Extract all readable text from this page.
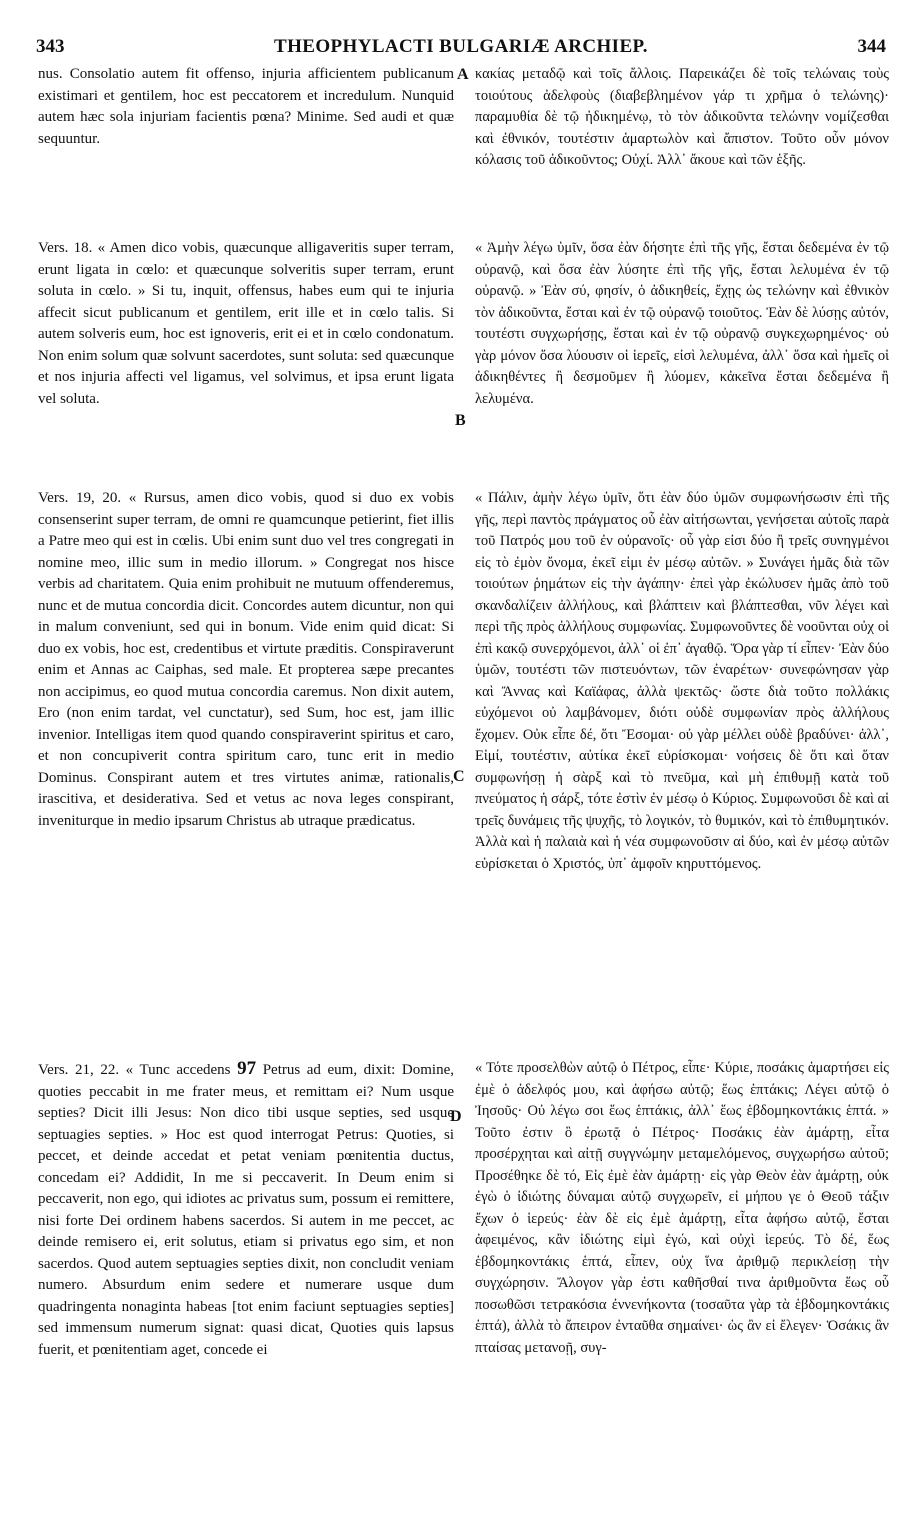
343	THEOPHYLACTI BULGARIÆ ARCHIEP.	344

nus. Consolatio autem fit offenso, injuria afficientem publicanum existimari et gentilem, hoc est peccatorem et incredulum. Nunquid autem hæc sola injuriam facientis pœna? Minime. Sed audi et quæ sequuntur.

Vers. 18. « Amen dico vobis, quæcunque alligaveritis super terram, erunt ligata in cœlo: et quæcunque solveritis super terram, erunt soluta in cœlo. » Si tu, inquit, offensus, habes eum qui te injuria affecit sicut publicanum et gentilem, erit ille et in cœlo talis. Si autem solveris eum, hoc est ignoveris, erit ei et in cœlo condonatum. Non enim solum quæ solvunt sacerdotes, sunt soluta: sed quæcunque et nos injuria affecti vel ligamus, vel solvimus, et ipsa erunt ligata vel soluta.

Vers. 19, 20. « Rursus, amen dico vobis, quod si duo ex vobis consenserint super terram, de omni re quamcunque petierint, fiet illis a Patre meo qui est in cœlis. Ubi enim sunt duo vel tres congregati in nomine meo, illic sum in medio illorum. » Congregat nos hisce verbis ad charitatem. Quia enim prohibuit ne mutuum offenderemus, nunc et de mutua concordia dicit. Concordes autem dicuntur, non qui in malum conveniunt, sed qui in bonum. Vide enim quid dicat: Si duo ex vobis, hoc est, credentibus et virtute præditis. Conspiraverunt enim et Annas ac Caiphas, sed male. Et propterea sæpe precantes non accipimus, eo quod mutua concordia caremus. Non dixit autem, Ero (non enim tardat, vel cunctatur), sed Sum, hoc est, jam illic invenior. Intelligas item quod quando conspiraverint spiritus et caro, et non concupiverit contra spiritum caro, tunc erit in medio Dominus. Conspirant autem et tres virtutes animæ, rationalis, irascitiva, et desiderativa. Sed et vetus ac nova leges conspirant, inveniturque in medio ipsarum Christus ab utraque prædicatus.

Vers. 21, 22. « Tunc accedens 97 Petrus ad eum, dixit: Domine, quoties peccabit in me frater meus, et remittam ei? Num usque septies? Dicit illi Jesus: Non dico tibi usque septies, sed usque septuagies septies. » Hoc est quod interrogat Petrus: Quoties, si peccet, et deinde accedat et petat veniam pœnitentia ductus, concedam ei? Addidit, In me si peccaverit. In Deum enim si peccaverit, non ego, qui idiotes ac privatus sum, possum ei remittere, nisi forte Dei ordinem habens sacerdos. Si autem in me peccet, ac deinde remiserо ei, erit solutus, etiam si privatus ego sim, et non sacerdos. Quod autem septuagies septies dixit, non concludit veniam numero. Absurdum enim sedere et numerare usque dum quadringenta nonaginta habeas [tot enim faciunt septuagies septies] sed immensum numerum signat: quasi dicat, Quoties quis lapsus fuerit, et pœnitentiam aget, concede ei

A
B
C
D

κακίας μεταδῷ καὶ τοῖς ἄλλοις. Παρεικάζει δὲ τοῖς τελώναις τοὺς τοιούτους ἀδελφοὺς (διαβεβλημένον γάρ τι χρῆμα ὁ τελώνης)· παραμυθία δὲ τῷ ἠδικημένῳ, τὸ τὸν ἀδικοῦντα τελώνην νομίζεσθαι καὶ ἐθνικόν, τουτέστιν ἁμαρτωλὸν καὶ ἄπιστον. Τοῦτο οὖν μόνον κόλασις τοῦ ἀδικοῦντος; Οὐχί. Ἀλλ᾽ ἄκουε καὶ τῶν ἑξῆς.

« Ἀμὴν λέγω ὑμῖν, ὅσα ἐὰν δήσητε ἐπὶ τῆς γῆς, ἔσται δεδεμένα ἐν τῷ οὐρανῷ, καὶ ὅσα ἐὰν λύσητε ἐπὶ τῆς γῆς, ἔσται λελυμένα ἐν τῷ οὐρανῷ. » Ἐὰν σύ, φησίν, ὁ ἀδικηθείς, ἔχῃς ὡς τελώνην καὶ ἐθνικὸν τὸν ἀδικοῦντα, ἔσται καὶ ἐν τῷ οὐρανῷ τοιοῦτος. Ἐὰν δὲ λύσῃς αὐτόν, τουτέστι συγχωρήσῃς, ἔσται καὶ ἐν τῷ οὐρανῷ συγκεχωρημένος· οὐ γὰρ μόνον ὅσα λύουσιν οἱ ἱερεῖς, εἰσὶ λελυμένα, ἀλλ᾽ ὅσα καὶ ἡμεῖς οἱ ἀδικηθέντες ἢ δεσμοῦμεν ἢ λύομεν, κἀκεῖνα ἔσται δεδεμένα ἢ λελυμένα.

« Πάλιν, ἀμὴν λέγω ὑμῖν, ὅτι ἐὰν δύο ὑμῶν συμφωνήσωσιν ἐπὶ τῆς γῆς, περὶ παντὸς πράγματος οὗ ἐὰν αἰτήσωνται, γενήσεται αὐτοῖς παρὰ τοῦ Πατρός μου τοῦ ἐν οὐρανοῖς· οὗ γὰρ εἰσι δύο ἢ τρεῖς συνηγμένοι εἰς τὸ ἐμὸν ὄνομα, ἐκεῖ εἰμι ἐν μέσῳ αὐτῶν. » Συνάγει ἡμᾶς διὰ τῶν τοιούτων ῥημάτων εἰς τὴν ἀγάπην· ἐπεὶ γὰρ ἐκώλυσεν ἡμᾶς ἀπὸ τοῦ σκανδαλίζειν ἀλλήλους, καὶ βλάπτειν καὶ βλάπτεσθαι, νῦν λέγει καὶ περὶ τῆς πρὸς ἀλλήλους συμφωνίας. Συμφωνοῦντες δὲ νοοῦνται οὐχ οἱ ἐπὶ κακῷ συνερχόμενοι, ἀλλ᾽ οἱ ἐπ᾽ ἀγαθῷ. Ὅρα γὰρ τί εἶπεν· Ἐὰν δύο ὑμῶν, τουτέστι τῶν πιστευόντων, τῶν ἐναρέτων· συνεφώνησαν γὰρ καὶ Ἄννας καὶ Καϊάφας, ἀλλὰ ψεκτῶς· ὥστε διὰ τοῦτο πολλάκις εὐχόμενοι οὐ λαμβάνομεν, διότι οὐδὲ συμφωνίαν πρὸς ἀλλήλους ἔχομεν. Οὐκ εἶπε δέ, ὅτι Ἔσομαι· οὐ γὰρ μέλλει οὐδὲ βραδύνει· ἀλλ᾽, Εἰμί, τουτέστιν, αὐτίκα ἐκεῖ εὑρίσκομαι· νοήσεις δὲ ὅτι καὶ ὅταν συμφωνήσῃ ἡ σὰρξ καὶ τὸ πνεῦμα, καὶ μὴ ἐπιθυμῇ κατὰ τοῦ πνεύματος ἡ σάρξ, τότε ἐστὶν ἐν μέσῳ ὁ Κύριος. Συμφωνοῦσι δὲ καὶ αἱ τρεῖς δυνάμεις τῆς ψυχῆς, τὸ λογικόν, τὸ θυμικόν, καὶ τὸ ἐπιθυμητικόν. Ἀλλὰ καὶ ἡ παλαιὰ καὶ ἡ νέα συμφωνοῦσιν αἱ δύο, καὶ ἐν μέσῳ αὐτῶν εὑρίσκεται ὁ Χριστός, ὑπ᾽ ἀμφοῖν κηρυττόμενος.

« Τότε προσελθὼν αὐτῷ ὁ Πέτρος, εἶπε· Κύριε, ποσάκις ἁμαρτήσει εἰς ἐμὲ ὁ ἀδελφός μου, καὶ ἀφήσω αὐτῷ; ἕως ἑπτάκις; Λέγει αὐτῷ ὁ Ἰησοῦς· Οὐ λέγω σοι ἕως ἑπτάκις, ἀλλ᾽ ἕως ἑβδομηκοντάκις ἑπτά. » Τοῦτο ἐστιν ὃ ἐρωτᾷ ὁ Πέτρος· Ποσάκις ἐὰν ἁμάρτῃ, εἶτα προσέρχηται καὶ αἰτῇ συγγνώμην μεταμελόμενος, συγχωρήσω αὐτοῦ; Προσέθηκε δὲ τό, Εἰς ἐμὲ ἐὰν ἁμάρτῃ· εἰς γὰρ Θεὸν ἐὰν ἁμάρτῃ, οὐκ ἐγὼ ὁ ἰδιώτης δύναμαι αὐτῷ συγχωρεῖν, εἰ μήπου γε ὁ Θεοῦ τάξιν ἔχων ὁ ἱερεύς· ἐὰν δὲ εἰς ἐμὲ ἁμάρτῃ, εἶτα ἀφήσω αὐτῷ, ἔσται ἀφειμένος, κἂν ἰδιώτης εἰμὶ ἐγώ, καὶ οὐχὶ ἱερεύς. Τὸ δέ, ἕως ἑβδομηκοντάκις ἑπτά, εἶπεν, οὐχ ἵνα ἀριθμῷ περικλείσῃ τὴν συγχώρησιν. Ἄλογον γὰρ ἐστι καθῆσθαί τινα ἀριθμοῦντα ἕως οὗ ποσωθῶσι τετρακόσια ἐννενήκοντα (τοσαῦτα γὰρ τὰ ἑβδομηκοντάκις ἑπτά), ἀλλὰ τὸ ἄπειρον ἐνταῦθα σημαίνει· ὡς ἂν εἰ ἔλεγεν· Ὁσάκις ἂν πταίσας μετανοῇ, συγ-
